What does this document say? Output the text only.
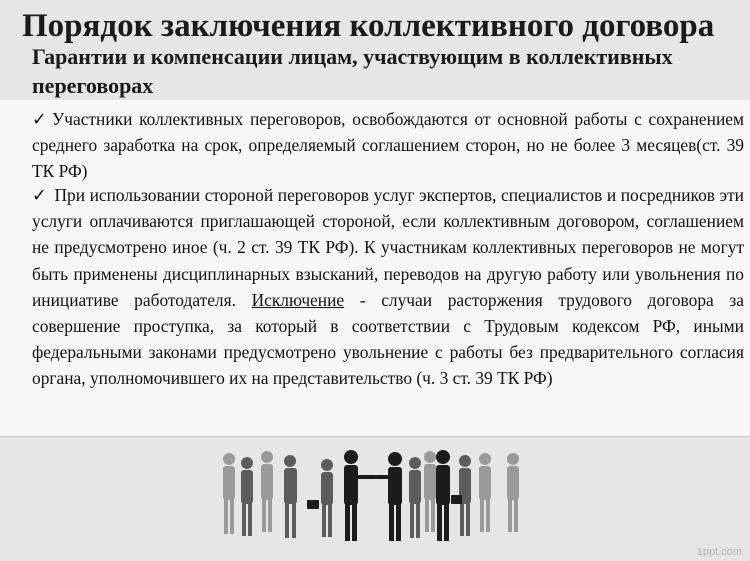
Порядок заключения коллективного договора
Гарантии и компенсации лицам, участвующим в коллективных переговорах
✓ Участники коллективных переговоров, освобождаются от основной работы с сохранением среднего заработка на срок, определяемый соглашением сторон, но не более 3 месяцев(ст. 39 ТК РФ)
✓ При использовании стороной переговоров услуг экспертов, специалистов и посредников эти услуги оплачиваются приглашающей стороной, если коллективным договором, соглашением не предусмотрено иное (ч. 2 ст. 39 ТК РФ). К участникам коллективных переговоров не могут быть применены дисциплинарных взысканий, переводов на другую работу или увольнения по инициативе работодателя. Исключение - случаи расторжения трудового договора за совершение проступка, за который в соответствии с Трудовым кодексом РФ, иными федеральными законами предусмотрено увольнение с работы без предварительного согласия органа, уполномочившего их на представительство (ч. 3 ст. 39 ТК РФ)
1ppt.com
